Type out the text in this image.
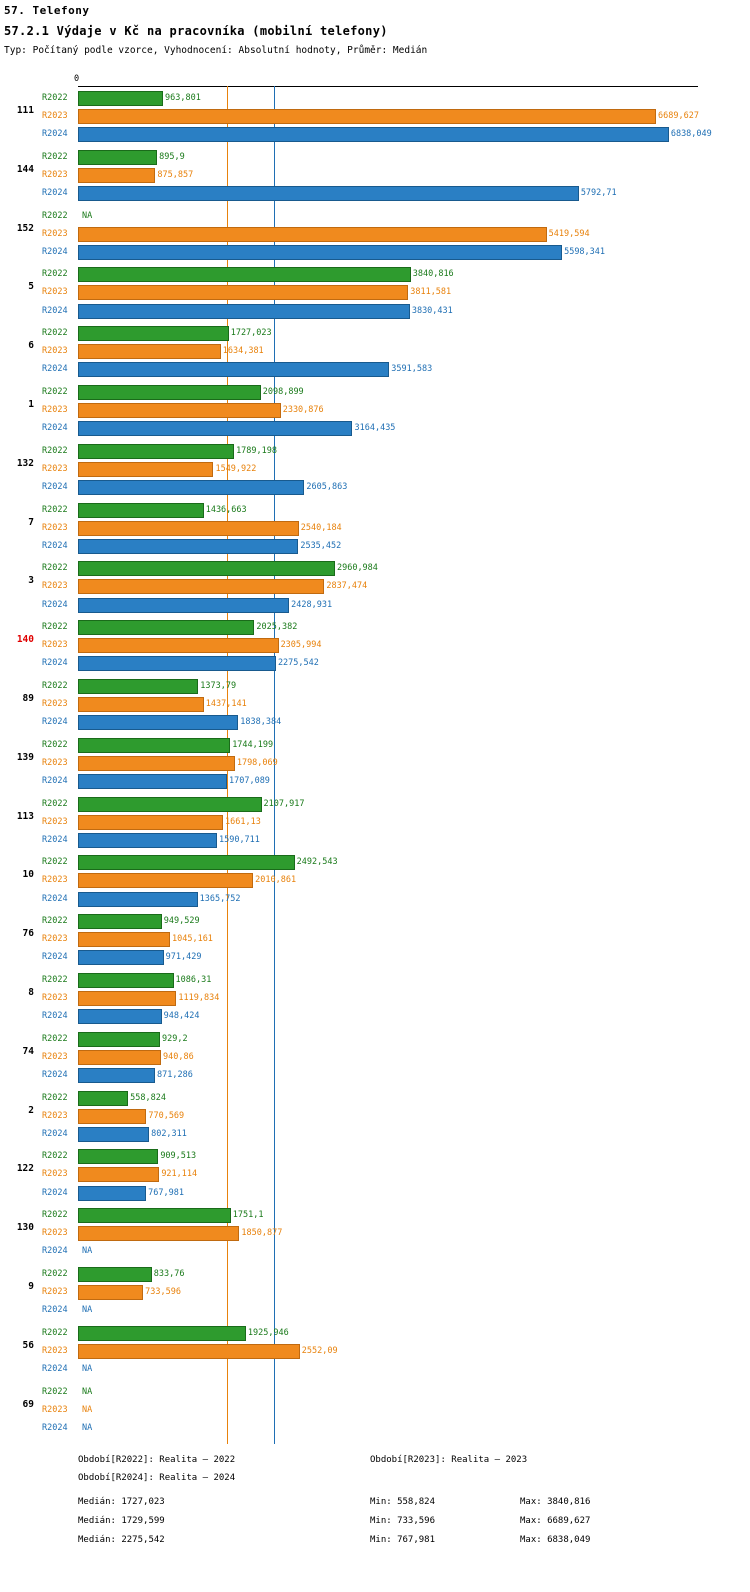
57. Telefony
57.2.1 Výdaje v Kč na pracovníka (mobilní telefony)
Typ: Počítaný podle vzorce, Vyhodnocení: Absolutní hodnoty, Průměr: Medián
0
111
R2022	963,801
R2023	6689,627
R2024	6838,049
144
R2022	895,9
R2023	875,857
R2024	5792,71
152
R2022 NA
R2023	5419,594
R2024	5598,341
5
R2022	3840,816
R2023	3811,581
R2024	3830,431
6
R2022	1727,023
R2023	1634,381
R2024	3591,583
1
R2022	2098,899
R2023	2330,876
R2024	3164,435
132
R2022	1789,198
R2023	1549,922
R2024	2605,863
7
R2022	1436,663
R2023	2540,184
R2024	2535,452
3
R2022	2960,984
R2023	2837,474
R2024	2428,931
140
R2022	2025,382
R2023	2305,994
R2024	2275,542
89
R2022	1373,79
R2023	1437,141
R2024	1838,384
139
R2022	1744,199
R2023	1798,069
R2024	1707,089
113
R2022	2107,917
R2023	1661,13
R2024	1590,711
10
R2022	2492,543
R2023	2010,861
R2024	1365,752
76
R2022	949,529
R2023	1045,161
R2024	971,429
8
R2022	1086,31
R2023	1119,834
R2024	948,424
74
R2022	929,2
R2023	940,86
R2024	871,286
2
R2022	558,824
R2023	770,569
R2024	802,311
122
R2022	909,513
R2023	921,114
R2024	767,981
130
R2022	1751,1
R2023	1850,877
R2024 NA
9
R2022	833,76
R2023	733,596
R2024 NA
56
R2022	1925,946
R2023	2552,09
R2024 NA
69
R2022 NA
R2023 NA
R2024 NA
Období[R2022]: Realita — 2022	Období[R2023]: Realita — 2023
Období[R2024]: Realita — 2024
Medián: 1727,023	Min: 558,824	Max: 3840,816
Medián: 1729,599	Min: 733,596	Max: 6689,627
Medián: 2275,542	Min: 767,981	Max: 6838,049
